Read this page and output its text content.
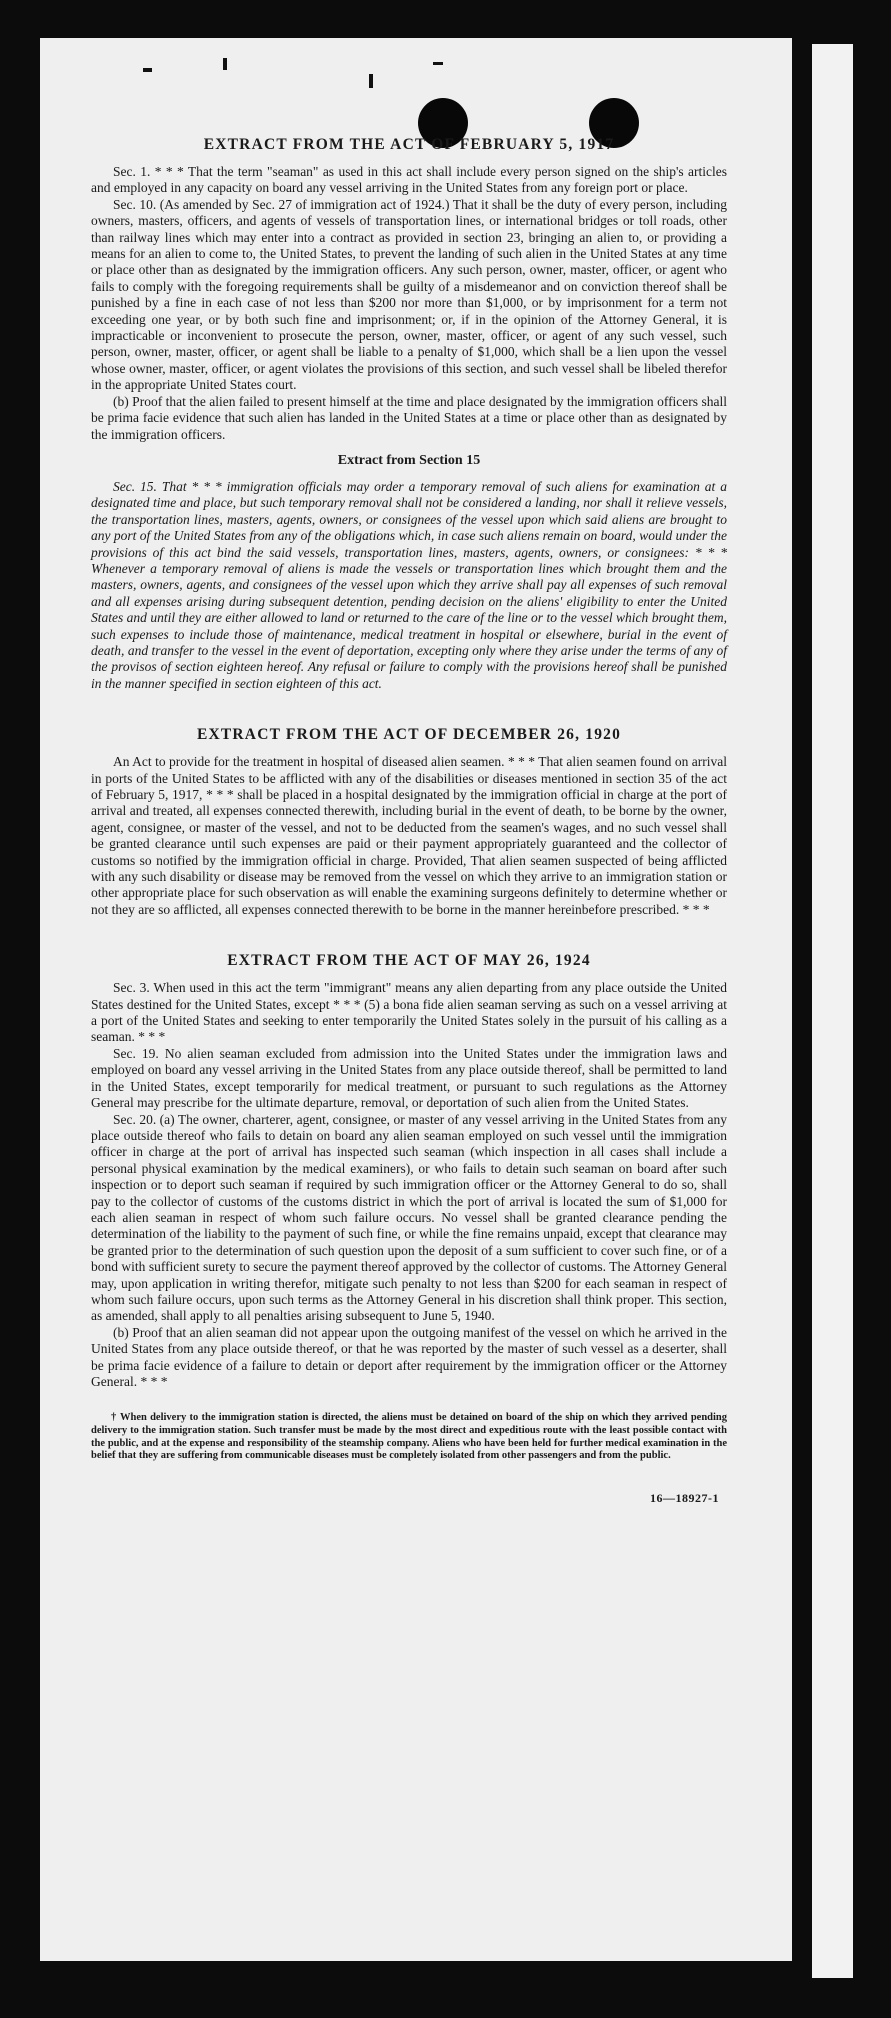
EXTRACT FROM THE ACT OF FEBRUARY 5, 1917

Sec. 1. * * * That the term "seaman" as used in this act shall include every person signed on the ship's articles and employed in any capacity on board any vessel arriving in the United States from any foreign port or place.

Sec. 10. (As amended by Sec. 27 of immigration act of 1924.) That it shall be the duty of every person, including owners, masters, officers, and agents of vessels of transportation lines, or international bridges or toll roads, other than railway lines which may enter into a contract as provided in section 23, bringing an alien to, or providing a means for an alien to come to, the United States, to prevent the landing of such alien in the United States at any time or place other than as designated by the immigration officers. Any such person, owner, master, officer, or agent who fails to comply with the foregoing requirements shall be guilty of a misdemeanor and on conviction thereof shall be punished by a fine in each case of not less than $200 nor more than $1,000, or by imprisonment for a term not exceeding one year, or by both such fine and imprisonment; or, if in the opinion of the Attorney General, it is impracticable or inconvenient to prosecute the person, owner, master, officer, or agent of any such vessel, such person, owner, master, officer, or agent shall be liable to a penalty of $1,000, which shall be a lien upon the vessel whose owner, master, officer, or agent violates the provisions of this section, and such vessel shall be libeled therefor in the appropriate United States court.

(b) Proof that the alien failed to present himself at the time and place designated by the immigration officers shall be prima facie evidence that such alien has landed in the United States at a time or place other than as designated by the immigration officers.

Extract from Section 15

Sec. 15. That * * * immigration officials may order a temporary removal of such aliens for examination at a designated time and place, but such temporary removal shall not be considered a landing, nor shall it relieve vessels, the transportation lines, masters, agents, owners, or consignees of the vessel upon which said aliens are brought to any port of the United States from any of the obligations which, in case such aliens remain on board, would under the provisions of this act bind the said vessels, transportation lines, masters, agents, owners, or consignees: * * * Whenever a temporary removal of aliens is made the vessels or transportation lines which brought them and the masters, owners, agents, and consignees of the vessel upon which they arrive shall pay all expenses of such removal and all expenses arising during subsequent detention, pending decision on the aliens' eligibility to enter the United States and until they are either allowed to land or returned to the care of the line or to the vessel which brought them, such expenses to include those of maintenance, medical treatment in hospital or elsewhere, burial in the event of death, and transfer to the vessel in the event of deportation, excepting only where they arise under the terms of any of the provisos of section eighteen hereof. Any refusal or failure to comply with the provisions hereof shall be punished in the manner specified in section eighteen of this act.

EXTRACT FROM THE ACT OF DECEMBER 26, 1920

An Act to provide for the treatment in hospital of diseased alien seamen. * * * That alien seamen found on arrival in ports of the United States to be afflicted with any of the disabilities or diseases mentioned in section 35 of the act of February 5, 1917, * * * shall be placed in a hospital designated by the immigration official in charge at the port of arrival and treated, all expenses connected therewith, including burial in the event of death, to be borne by the owner, agent, consignee, or master of the vessel, and not to be deducted from the seamen's wages, and no such vessel shall be granted clearance until such expenses are paid or their payment appropriately guaranteed and the collector of customs so notified by the immigration official in charge. Provided, That alien seamen suspected of being afflicted with any such disability or disease may be removed from the vessel on which they arrive to an immigration station or other appropriate place for such observation as will enable the examining surgeons definitely to determine whether or not they are so afflicted, all expenses connected therewith to be borne in the manner hereinbefore prescribed. * * *

EXTRACT FROM THE ACT OF MAY 26, 1924

Sec. 3. When used in this act the term "immigrant" means any alien departing from any place outside the United States destined for the United States, except * * * (5) a bona fide alien seaman serving as such on a vessel arriving at a port of the United States and seeking to enter temporarily the United States solely in the pursuit of his calling as a seaman. * * *

Sec. 19. No alien seaman excluded from admission into the United States under the immigration laws and employed on board any vessel arriving in the United States from any place outside thereof, shall be permitted to land in the United States, except temporarily for medical treatment, or pursuant to such regulations as the Attorney General may prescribe for the ultimate departure, removal, or deportation of such alien from the United States.

Sec. 20. (a) The owner, charterer, agent, consignee, or master of any vessel arriving in the United States from any place outside thereof who fails to detain on board any alien seaman employed on such vessel until the immigration officer in charge at the port of arrival has inspected such seaman (which inspection in all cases shall include a personal physical examination by the medical examiners), or who fails to detain such seaman on board after such inspection or to deport such seaman if required by such immigration officer or the Attorney General to do so, shall pay to the collector of customs of the customs district in which the port of arrival is located the sum of $1,000 for each alien seaman in respect of whom such failure occurs. No vessel shall be granted clearance pending the determination of the liability to the payment of such fine, or while the fine remains unpaid, except that clearance may be granted prior to the determination of such question upon the deposit of a sum sufficient to cover such fine, or of a bond with sufficient surety to secure the payment thereof approved by the collector of customs. The Attorney General may, upon application in writing therefor, mitigate such penalty to not less than $200 for each seaman in respect of whom such failure occurs, upon such terms as the Attorney General in his discretion shall think proper. This section, as amended, shall apply to all penalties arising subsequent to June 5, 1940.

(b) Proof that an alien seaman did not appear upon the outgoing manifest of the vessel on which he arrived in the United States from any place outside thereof, or that he was reported by the master of such vessel as a deserter, shall be prima facie evidence of a failure to detain or deport after requirement by the immigration officer or the Attorney General. * * *

† When delivery to the immigration station is directed, the aliens must be detained on board of the ship on which they arrived pending delivery to the immigration station. Such transfer must be made by the most direct and expeditious route with the least possible contact with the public, and at the expense and responsibility of the steamship company. Aliens who have been held for further medical examination in the belief that they are suffering from communicable diseases must be completely isolated from other passengers and from the public.

16—18927-1
